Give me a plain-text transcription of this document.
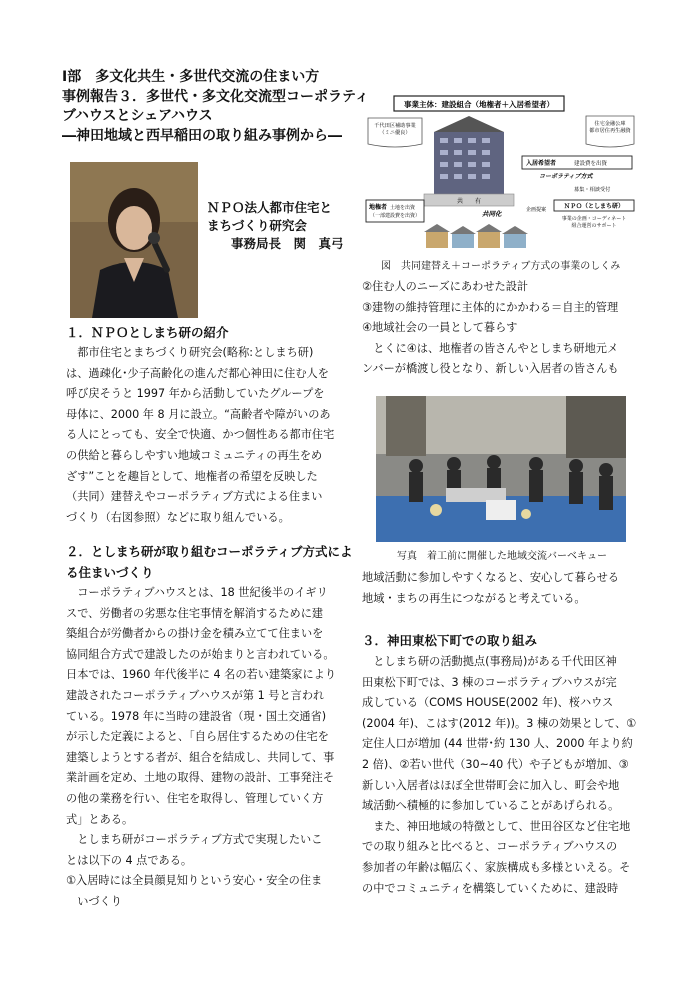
Ⅰ部　多文化共生・多世代交流の住まい方
事例報告３．多世代・多文化交流型コーポラティ
ブハウスとシェアハウス
―神田地域と西早稲田の取り組み事例から―
ＮＰＯ法人都市住宅と
まちづくり研究会
事務局長　関　真弓
１．ＮＰＯとしまち研の紹介
　都市住宅とまちづくり研究会(略称:としまち研)
は、過疎化･少子高齢化の進んだ都心神田に住む人を
呼び戻そうと 1997 年から活動していたグループを
母体に、2000 年 8 月に設立。“高齢者や障がいのあ
る人にとっても、安全で快適、かつ個性ある都市住宅
の供給と暮らしやすい地域コミュニティの再生をめ
ざす”ことを趣旨として、地権者の希望を反映した
（共同）建替えやコーポラティブ方式による住まい
づくり（右図参照）などに取り組んでいる。
２．としまち研が取り組むコーポラティブ方式によ
る住まいづくり
　コーポラティブハウスとは、18 世紀後半のイギリ
スで、労働者の劣悪な住宅事情を解消するために建
築組合が労働者からの掛け金を積み立てて住まいを
協同組合方式で建設したのが始まりと言われている。
日本では、1960 年代後半に 4 名の若い建築家により
建設されたコーポラティブハウスが第 1 号と言われ
ている。1978 年に当時の建設省（現・国土交通省)
が示した定義によると、｢自ら居住するための住宅を
建築しようとする者が、組合を結成し、共同して、事
業計画を定め、土地の取得、建物の設計、工事発注そ
の他の業務を行い、住宅を取得し、管理していく方
式」とある。
　としまち研がコーポラティブ方式で実現したいこ
とは以下の 4 点である。
①入居時には全員顔見知りという安心・安全の住ま
　いづくり
事業主体：建設組合（地権者＋入居希望者）
千代田区補助事業（ミニ優良）
住宅金融公庫都市居住再生融資
共　　有
入居希望者	建設費を出資
コーポラティブ方式
募集・相談受付
地権者 土地を出資（一部建設費を出資）	共同化	企画提案	ＮＰＯ（としまち研）
事業の企画・コーディネート組合運営のサポート
図　共同建替え＋コーポラティブ方式の事業のしくみ
②住む人のニーズにあわせた設計
③建物の維持管理に主体的にかかわる＝自主的管理
④地域社会の一員として暮らす
　とくに④は、地権者の皆さんやとしまち研地元メ
ンバーが橋渡し役となり、新しい入居者の皆さんも
写真　着工前に開催した地域交流バーベキュー
地域活動に参加しやすくなると、安心して暮らせる
地域・まちの再生につながると考えている。
３．神田東松下町での取り組み
　としまち研の活動拠点(事務局)がある千代田区神
田東松下町では、3 棟のコーポラティブハウスが完
成している（COMS HOUSE(2002 年)、桜ハウス
(2004 年)、こはす(2012 年))。3 棟の効果として、①
定住人口が増加 (44 世帯･約 130 人、2000 年より約
2 倍)、②若い世代（30~40 代）や子どもが増加、③
新しい入居者はほぼ全世帯町会に加入し、町会や地
域活動へ積極的に参加していることがあげられる。
　また、神田地域の特徴として、世田谷区など住宅地
での取り組みと比べると、コーポラティブハウスの
参加者の年齢は幅広く、家族構成も多様といえる。そ
の中でコミュニティを構築していくために、建設時
